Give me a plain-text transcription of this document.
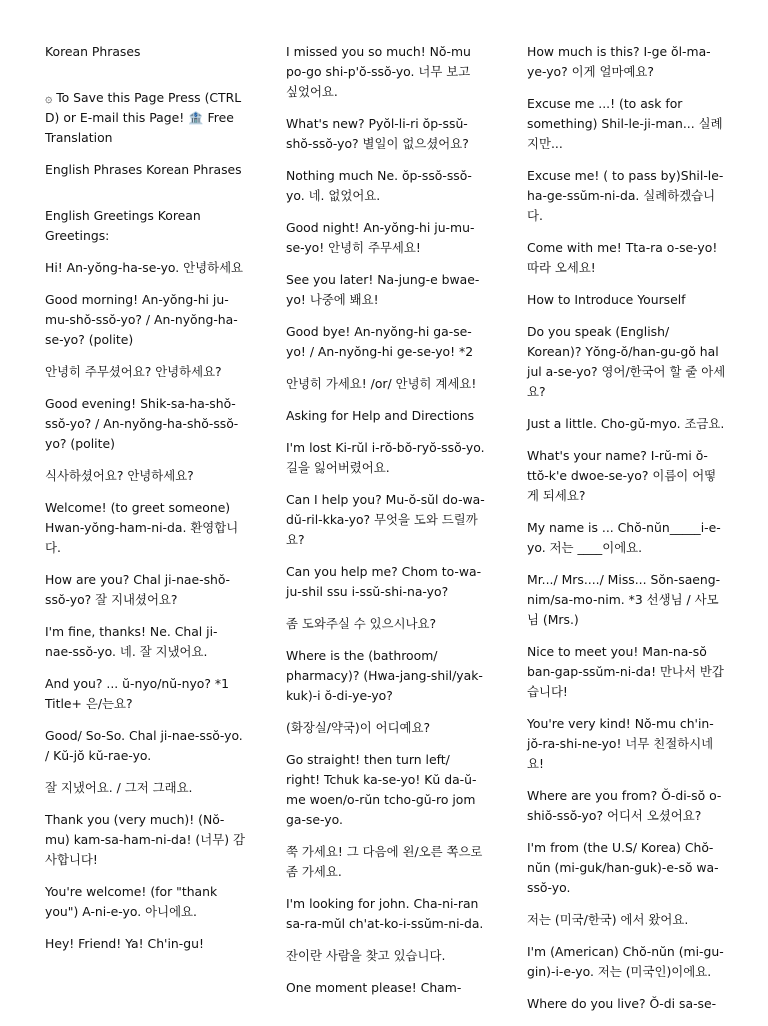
Korean Phrases

۞ To Save this Page Press (CTRL D) or E-mail this Page! 🏦 Free Translation

English Phrases Korean Phrases

English Greetings Korean Greetings:

Hi! An-yŏng-ha-se-yo. 안녕하세요

Good morning! An-yŏng-hi ju-mu-shŏ-ssŏ-yo? / An-nyŏng-ha-se-yo? (polite)

안녕히 주무셨어요? 안녕하세요?

Good evening! Shik-sa-ha-shŏ-ssŏ-yo? / An-nyŏng-ha-shŏ-ssŏ-yo? (polite)

식사하셨어요? 안녕하세요?

Welcome! (to greet someone) Hwan-yŏng-ham-ni-da. 환영합니다.

How are you? Chal ji-nae-shŏ-ssŏ-yo? 잘 지내셨어요?

I'm fine, thanks! Ne. Chal ji-nae-ssŏ-yo. 네. 잘 지냈어요.

And you? ... ŭ-nyo/nŭ-nyo? *1 Title+ 은/는요?

Good/ So-So. Chal ji-nae-ssŏ-yo. / Kŭ-jŏ kŭ-rae-yo.

잘 지냈어요. / 그저 그래요.

Thank you (very much)! (Nŏ-mu) kam-sa-ham-ni-da! (너무) 감사합니다!

You're welcome! (for "thank you") A-ni-e-yo. 아니에요.

Hey! Friend! Ya! Ch'in-gu!

I missed you so much! Nŏ-mu po-go shi-p'ŏ-ssŏ-yo. 너무 보고 싶었어요.

What's new? Pyŏl-li-ri ŏp-ssŭ-shŏ-ssŏ-yo? 별일이 없으셨어요?

Nothing much Ne. ŏp-ssŏ-ssŏ-yo. 네. 없었어요.

Good night! An-yŏng-hi ju-mu-se-yo! 안녕히 주무세요!

See you later! Na-jung-e bwae-yo! 나중에 봬요!

Good bye! An-nyŏng-hi ga-se-yo! / An-nyŏng-hi ge-se-yo! *2

안녕히 가세요! /or/ 안녕히 계세요!

Asking for Help and Directions

I'm lost Ki-rŭl i-rŏ-bŏ-ryŏ-ssŏ-yo. 길을 잃어버렸어요.

Can I help you? Mu-ŏ-sŭl do-wa-dŭ-ril-kka-yo? 무엇을 도와 드릴까요?

Can you help me? Chom to-wa-ju-shil ssu i-ssŭ-shi-na-yo?

좀 도와주실 수 있으시나요?

Where is the (bathroom/ pharmacy)? (Hwa-jang-shil/yak-kuk)-i ŏ-di-ye-yo?

(화장실/약국)이 어디예요?

Go straight! then turn left/ right! Tchuk ka-se-yo! Kŭ da-ŭ-me woen/o-rŭn tcho-gŭ-ro jom ga-se-yo.

쭉 가세요! 그 다음에 왼/오른 쪽으로 좀 가세요.

I'm looking for john. Cha-ni-ran sa-ra-mŭl ch'at-ko-i-ssŭm-ni-da.

잔이란 사람을 찾고 있습니다.

One moment please! Cham-

How much is this? I-ge ŏl-ma-ye-yo? 이게 얼마예요?

Excuse me ...! (to ask for something) Shil-le-ji-man... 실례지만...

Excuse me! ( to pass by)Shil-le-ha-ge-ssŭm-ni-da. 실례하겠습니다.

Come with me! Tta-ra o-se-yo! 따라 오세요!

How to Introduce Yourself

Do you speak (English/ Korean)? Yŏng-ŏ/han-gu-gŏ hal jul a-se-yo? 영어/한국어 할 줄 아세요?

Just a little. Cho-gŭ-myo. 조금요.

What's your name? I-rŭ-mi ŏ-ttŏ-k'e dwoe-se-yo? 이름이 어떻게 되세요?

My name is ... Chŏ-nŭn_____i-e-yo. 저는 ____이에요.

Mr.../ Mrs..../ Miss... Sŏn-saeng-nim/sa-mo-nim. *3 선생님 / 사모님 (Mrs.)

Nice to meet you! Man-na-sŏ ban-gap-ssŭm-ni-da! 만나서 반갑습니다!

You're very kind! Nŏ-mu ch'in-jŏ-ra-shi-ne-yo! 너무 친절하시네요!

Where are you from? Ŏ-di-sŏ o-shiŏ-ssŏ-yo? 어디서 오셨어요?

I'm from (the U.S/ Korea) Chŏ-nŭn (mi-guk/han-guk)-e-sŏ wa-ssŏ-yo.

저는 (미국/한국) 에서 왔어요.

I'm (American) Chŏ-nŭn (mi-gu-gin)-i-e-yo. 저는 (미국인)이에요.

Where do you live? Ŏ-di sa-se-
